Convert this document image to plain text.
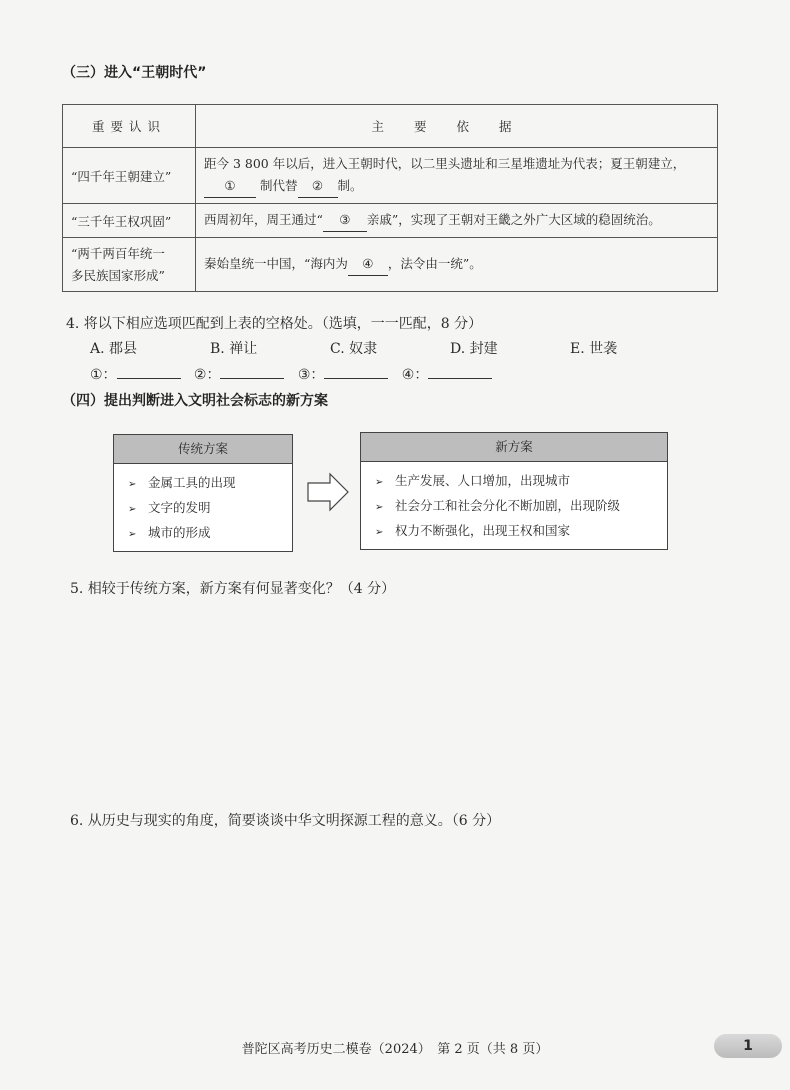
（三）进入“王朝时代”
重要认识	主要依据
“四千年王朝建立”	距今 3 800 年以后，进入王朝时代，以二里头遗址和三星堆遗址为代表；夏王朝建立，
① 制代替 ② 制。
“三千年王权巩固”	西周初年，周王通过“ ③ 亲戚”，实现了王朝对王畿之外广大区域的稳固统治。
“两千两百年统一
多民族国家形成”	秦始皇统一中国，“海内为 ④ ，法令由一统”。
4. 将以下相应选项匹配到上表的空格处。（选填，一一匹配，8 分）
A. 郡县	B. 禅让	C. 奴隶	D. 封建	E. 世袭
①：	②：	③：	④：
（四）提出判断进入文明社会标志的新方案
传统方案
➢ 金属工具的出现
➢ 文字的发明
➢ 城市的形成
新方案
➢ 生产发展、人口增加，出现城市
➢ 社会分工和社会分化不断加剧，出现阶级
➢ 权力不断强化，出现王权和国家
5. 相较于传统方案，新方案有何显著变化？（4 分）
6. 从历史与现实的角度，简要谈谈中华文明探源工程的意义。（6 分）
普陀区高考历史二模卷（2024）　第 2 页（共 8 页）	1
